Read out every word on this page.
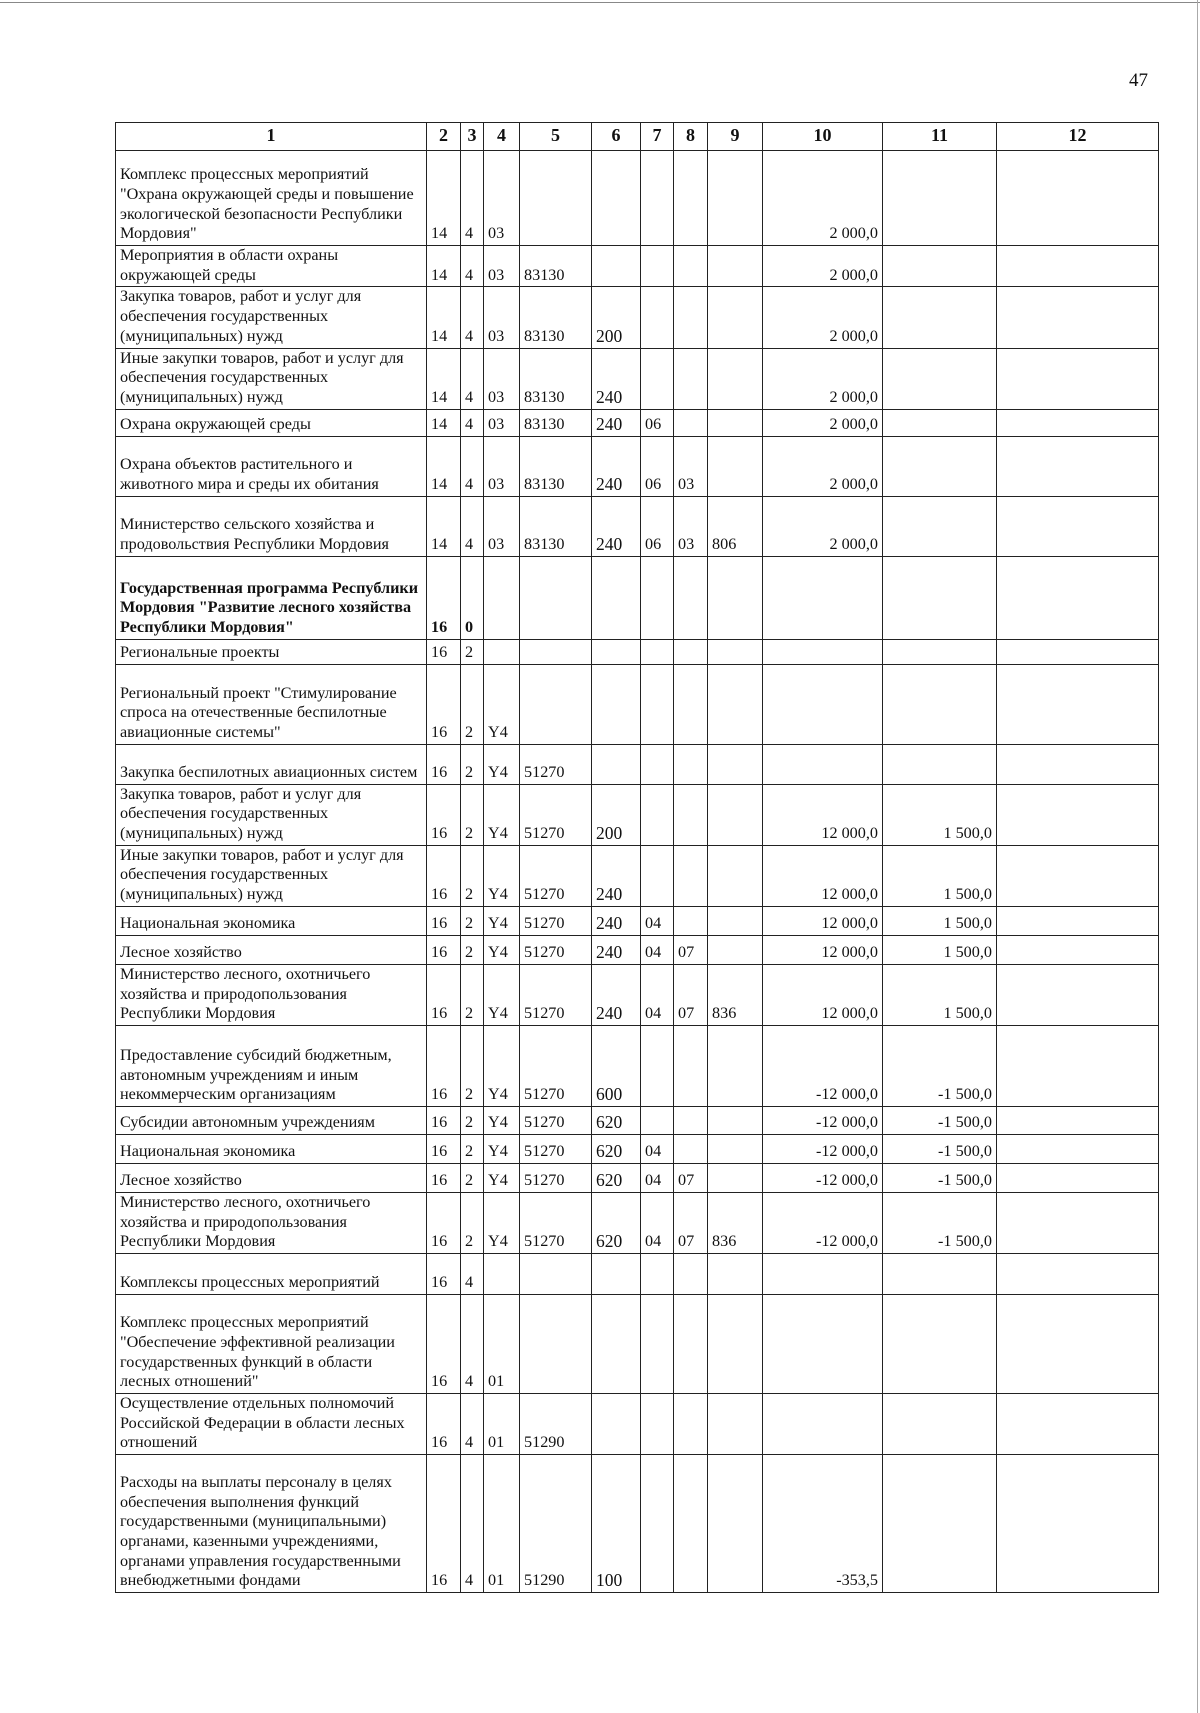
47
1	2	3	4	5	6	7	8	9	10	11	12
Комплекс процессных мероприятий "Охрана окружающей среды и повышение экологической безопасности Республики Мордовия"	14	4	03						2 000,0		
Мероприятия в области охраны окружающей среды	14	4	03	83130					2 000,0		
Закупка товаров, работ и услуг для обеспечения государственных (муниципальных) нужд	14	4	03	83130	200				2 000,0		
Иные закупки товаров, работ и услуг для обеспечения государственных (муниципальных) нужд	14	4	03	83130	240				2 000,0		
Охрана окружающей среды	14	4	03	83130	240	06			2 000,0		
Охрана объектов растительного и животного мира и среды их обитания	14	4	03	83130	240	06	03		2 000,0		
Министерство сельского хозяйства и продовольствия Республики Мордовия	14	4	03	83130	240	06	03	806	2 000,0		
Государственная программа Республики Мордовия "Развитие лесного хозяйства Республики Мордовия"	16	0									
Региональные проекты	16	2									
Региональный проект "Стимулирование спроса на отечественные беспилотные авиационные системы"	16	2	Y4								
Закупка беспилотных авиационных систем	16	2	Y4	51270							
Закупка товаров, работ и услуг для обеспечения государственных (муниципальных) нужд	16	2	Y4	51270	200				12 000,0	1 500,0	
Иные закупки товаров, работ и услуг для обеспечения государственных (муниципальных) нужд	16	2	Y4	51270	240				12 000,0	1 500,0	
Национальная экономика	16	2	Y4	51270	240	04			12 000,0	1 500,0	
Лесное хозяйство	16	2	Y4	51270	240	04	07		12 000,0	1 500,0	
Министерство лесного, охотничьего хозяйства и природопользования Республики Мордовия	16	2	Y4	51270	240	04	07	836	12 000,0	1 500,0	
Предоставление субсидий бюджетным, автономным учреждениям и иным некоммерческим организациям	16	2	Y4	51270	600				-12 000,0	-1 500,0	
Субсидии автономным учреждениям	16	2	Y4	51270	620				-12 000,0	-1 500,0	
Национальная экономика	16	2	Y4	51270	620	04			-12 000,0	-1 500,0	
Лесное хозяйство	16	2	Y4	51270	620	04	07		-12 000,0	-1 500,0	
Министерство лесного, охотничьего хозяйства и природопользования Республики Мордовия	16	2	Y4	51270	620	04	07	836	-12 000,0	-1 500,0	
Комплексы процессных мероприятий	16	4									
Комплекс процессных мероприятий "Обеспечение эффективной реализации государственных функций в области лесных отношений"	16	4	01								
Осуществление отдельных полномочий Российской Федерации в области лесных отношений	16	4	01	51290							
Расходы на выплаты персоналу в целях обеспечения выполнения функций государственными (муниципальными) органами, казенными учреждениями, органами управления государственными внебюджетными фондами	16	4	01	51290	100				-353,5		
